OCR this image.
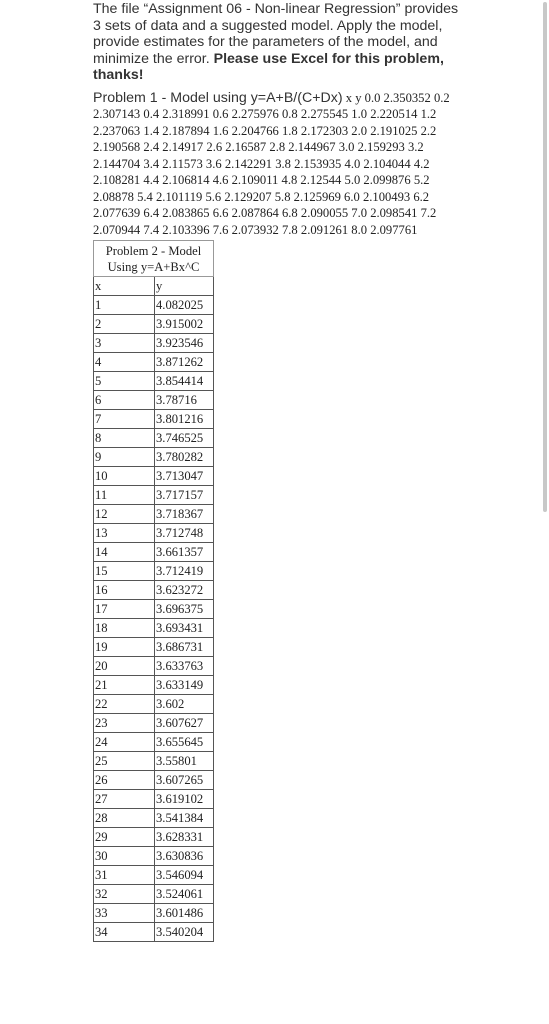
The file “Assignment 06 - Non-linear Regression” provides 3 sets of data and a suggested model. Apply the model, provide estimates for the parameters of the model, and minimize the error. Please use Excel for this problem, thanks!

Problem 1 - Model using y=A+B/(C+Dx) x y 0.0 2.350352 0.2 2.307143 0.4 2.318991 0.6 2.275976 0.8 2.275545 1.0 2.220514 1.2 2.237063 1.4 2.187894 1.6 2.204766 1.8 2.172303 2.0 2.191025 2.2 2.190568 2.4 2.14917 2.6 2.16587 2.8 2.144967 3.0 2.159293 3.2 2.144704 3.4 2.11573 3.6 2.142291 3.8 2.153935 4.0 2.104044 4.2 2.108281 4.4 2.106814 4.6 2.109011 4.8 2.12544 5.0 2.099876 5.2 2.08878 5.4 2.101119 5.6 2.129207 5.8 2.125969 6.0 2.100493 6.2 2.077639 6.4 2.083865 6.6 2.087864 6.8 2.090055 7.0 2.098541 7.2 2.070944 7.4 2.103396 7.6 2.073932 7.8 2.091261 8.0 2.097761
Problem 2 - Model
Using y=A+Bx^C	
x	y
1	4.082025
2	3.915002
3	3.923546
4	3.871262
5	3.854414
6	3.78716
7	3.801216
8	3.746525
9	3.780282
10	3.713047
11	3.717157
12	3.718367
13	3.712748
14	3.661357
15	3.712419
16	3.623272
17	3.696375
18	3.693431
19	3.686731
20	3.633763
21	3.633149
22	3.602
23	3.607627
24	3.655645
25	3.55801
26	3.607265
27	3.619102
28	3.541384
29	3.628331
30	3.630836
31	3.546094
32	3.524061
33	3.601486
34	3.540204
